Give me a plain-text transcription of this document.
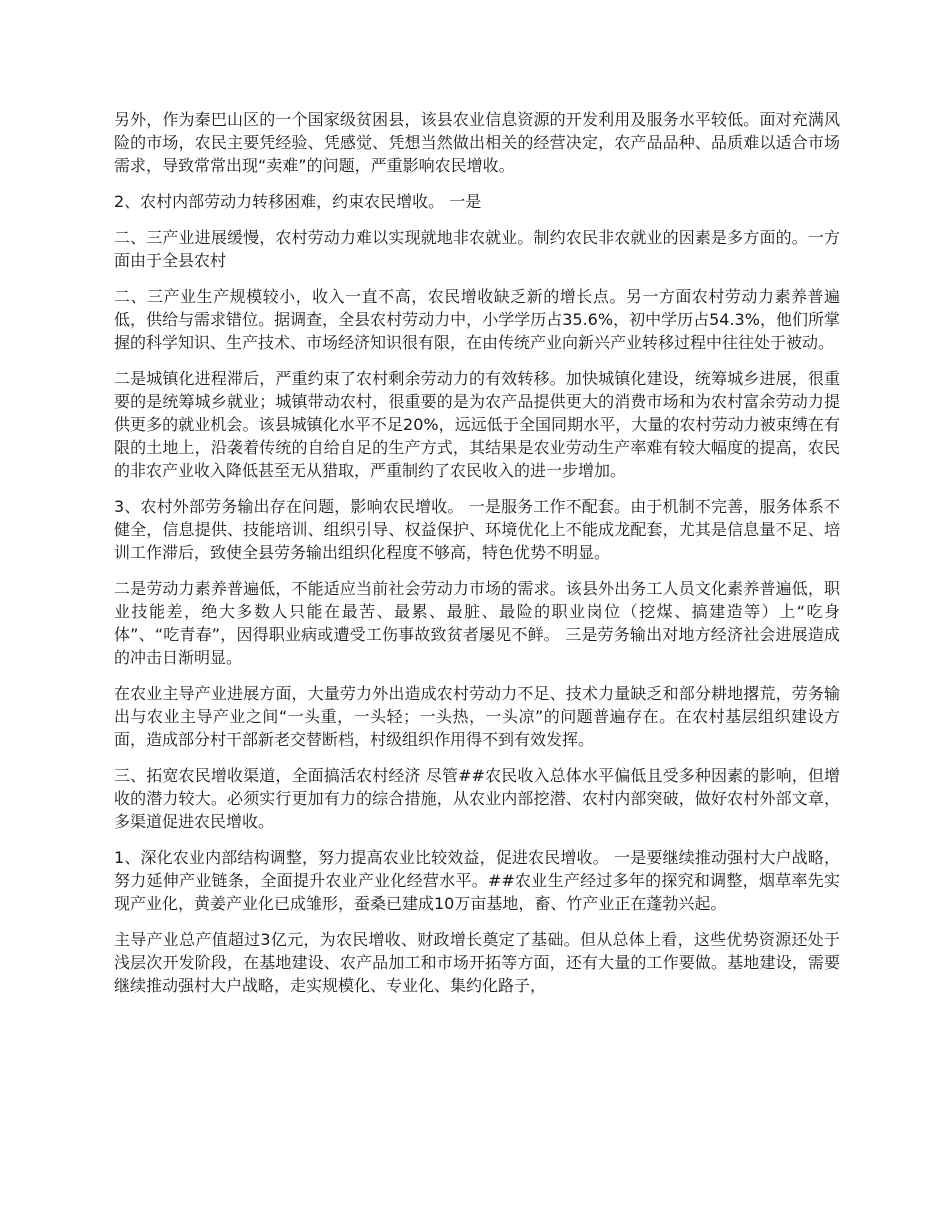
另外，作为秦巴山区的一个国家级贫困县，该县农业信息资源的开发利用及服务水平较低。面对充满风险的市场，农民主要凭经验、凭感觉、凭想当然做出相关的经营决定，农产品品种、品质难以适合市场需求，导致常常出现“卖难”的问题，严重影响农民增收。

2、农村内部劳动力转移困难，约束农民增收。 一是

二、三产业进展缓慢，农村劳动力难以实现就地非农就业。制约农民非农就业的因素是多方面的。一方面由于全县农村

二、三产业生产规模较小，收入一直不高，农民增收缺乏新的增长点。另一方面农村劳动力素养普遍低，供给与需求错位。据调查，全县农村劳动力中，小学学历占35.6%，初中学历占54.3%，他们所掌握的科学知识、生产技术、市场经济知识很有限，在由传统产业向新兴产业转移过程中往往处于被动。

二是城镇化进程滞后，严重约束了农村剩余劳动力的有效转移。加快城镇化建设，统筹城乡进展，很重要的是统筹城乡就业；城镇带动农村，很重要的是为农产品提供更大的消费市场和为农村富余劳动力提供更多的就业机会。该县城镇化水平不足20%，远远低于全国同期水平，大量的农村劳动力被束缚在有限的土地上，沿袭着传统的自给自足的生产方式，其结果是农业劳动生产率难有较大幅度的提高，农民的非农产业收入降低甚至无从猎取，严重制约了农民收入的进一步增加。

3、农村外部劳务输出存在问题，影响农民增收。 一是服务工作不配套。由于机制不完善，服务体系不健全，信息提供、技能培训、组织引导、权益保护、环境优化上不能成龙配套，尤其是信息量不足、培训工作滞后，致使全县劳务输出组织化程度不够高，特色优势不明显。

二是劳动力素养普遍低，不能适应当前社会劳动力市场的需求。该县外出务工人员文化素养普遍低，职业技能差，绝大多数人只能在最苦、最累、最脏、最险的职业岗位（挖煤、搞建造等）上“吃身体”、“吃青春”，因得职业病或遭受工伤事故致贫者屡见不鲜。 三是劳务输出对地方经济社会进展造成的冲击日渐明显。

在农业主导产业进展方面，大量劳力外出造成农村劳动力不足、技术力量缺乏和部分耕地撂荒，劳务输出与农业主导产业之间“一头重，一头轻；一头热，一头凉”的问题普遍存在。在农村基层组织建设方面，造成部分村干部新老交替断档，村级组织作用得不到有效发挥。

三、拓宽农民增收渠道，全面搞活农村经济 尽管##农民收入总体水平偏低且受多种因素的影响，但增收的潜力较大。必须实行更加有力的综合措施，从农业内部挖潜、农村内部突破，做好农村外部文章，多渠道促进农民增收。

1、深化农业内部结构调整，努力提高农业比较效益，促进农民增收。 一是要继续推动强村大户战略，努力延伸产业链条，全面提升农业产业化经营水平。##农业生产经过多年的探究和调整，烟草率先实现产业化，黄姜产业化已成雏形，蚕桑已建成10万亩基地，畜、竹产业正在蓬勃兴起。

主导产业总产值超过3亿元，为农民增收、财政增长奠定了基础。但从总体上看，这些优势资源还处于浅层次开发阶段，在基地建设、农产品加工和市场开拓等方面，还有大量的工作要做。基地建设，需要继续推动强村大户战略，走实规模化、专业化、集约化路子，
